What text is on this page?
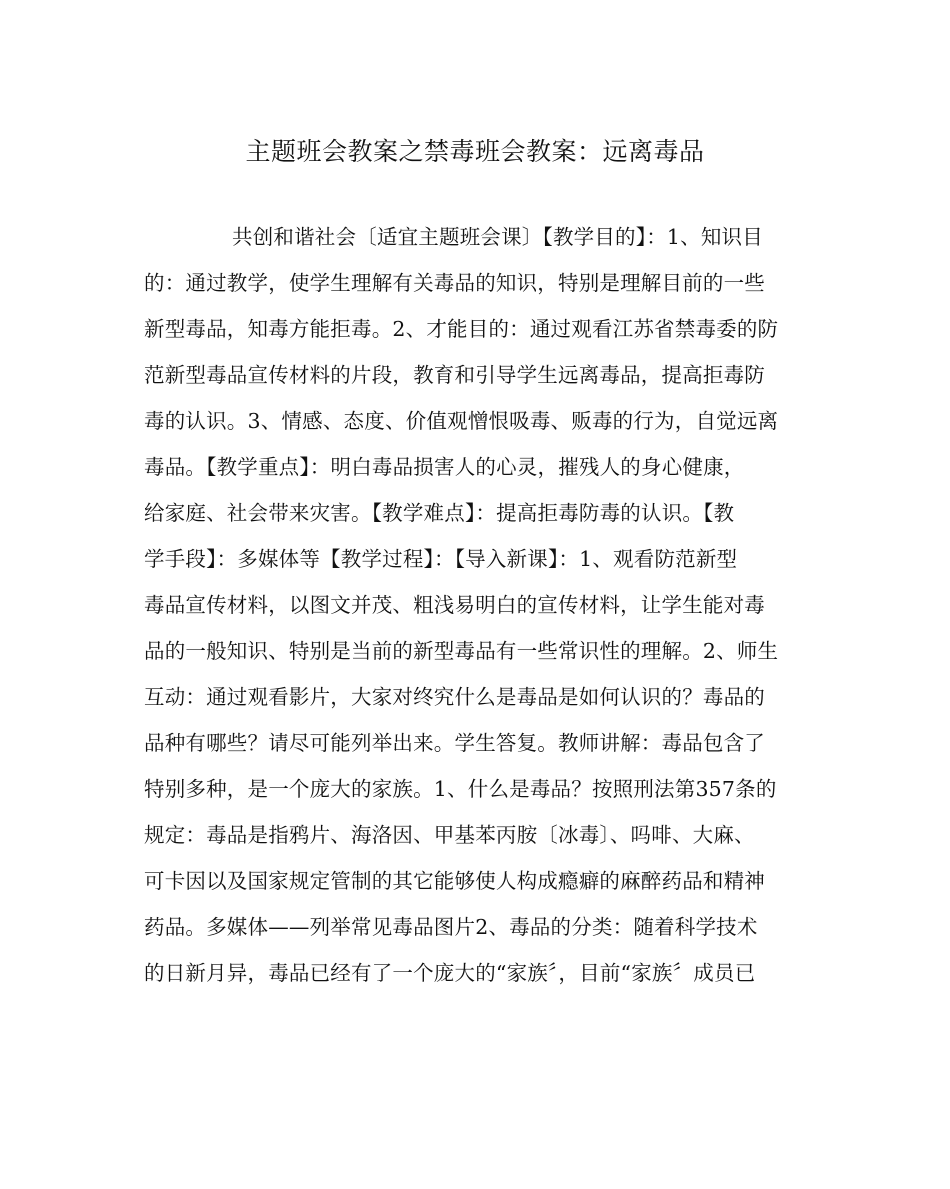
主题班会教案之禁毒班会教案：远离毒品
共创和谐社会〔适宜主题班会课〕【教学目的】：1、知识目
的：通过教学，使学生理解有关毒品的知识，特别是理解目前的一些
新型毒品，知毒方能拒毒。2、才能目的：通过观看江苏省禁毒委的防
范新型毒品宣传材料的片段，教育和引导学生远离毒品，提高拒毒防
毒的认识。3、情感、态度、价值观憎恨吸毒、贩毒的行为，自觉远离
毒品。【教学重点】：明白毒品损害人的心灵，摧残人的身心健康，
给家庭、社会带来灾害。【教学难点】：提高拒毒防毒的认识。【教
学手段】：多媒体等【教学过程】：【导入新课】：1、观看防范新型
毒品宣传材料，以图文并茂、粗浅易明白的宣传材料，让学生能对毒
品的一般知识、特别是当前的新型毒品有一些常识性的理解。2、师生
互动：通过观看影片，大家对终究什么是毒品是如何认识的？毒品的
品种有哪些？请尽可能列举出来。学生答复。教师讲解：毒品包含了
特别多种，是一个庞大的家族。1、什么是毒品？按照刑法第357条的
规定：毒品是指鸦片、海洛因、甲基苯丙胺〔冰毒〕、吗啡、大麻、
可卡因以及国家规定管制的其它能够使人构成瘾癖的麻醉药品和精神
药品。多媒体——列举常见毒品图片2、毒品的分类：随着科学技术
的日新月异，毒品已经有了一个庞大的“家族〞，目前“家族〞成员已
